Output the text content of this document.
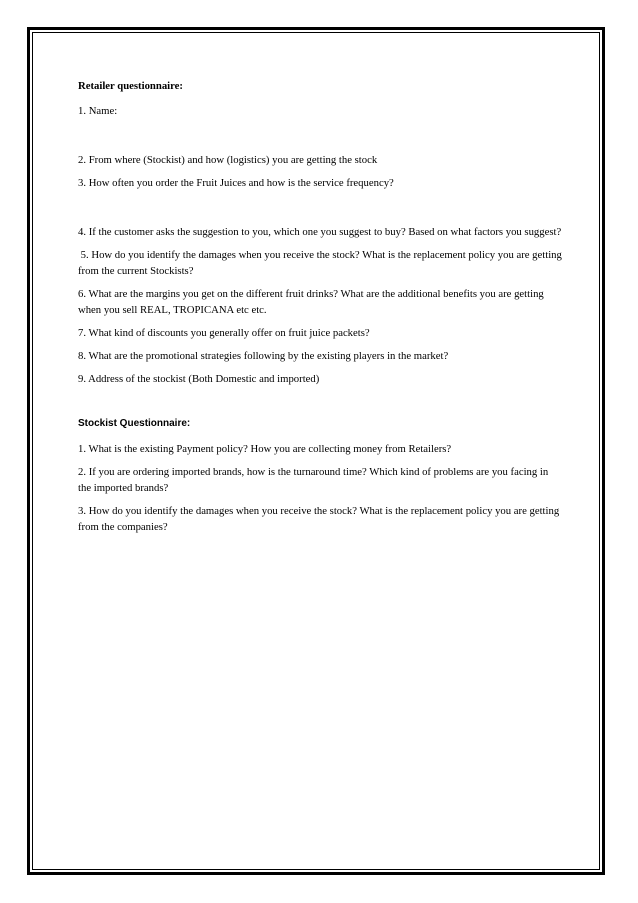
Retailer questionnaire:

1. Name:

2. From where (Stockist) and how (logistics) you are getting the stock

3. How often you order the Fruit Juices and how is the service frequency?

4. If the customer asks the suggestion to you, which one you suggest to buy? Based on what factors you suggest?

5. How do you identify the damages when you receive the stock? What is the replacement policy you are getting from the current Stockists?

6. What are the margins you get on the different fruit drinks? What are the additional benefits you are getting when you sell REAL, TROPICANA etc etc.

7. What kind of discounts you generally offer on fruit juice packets?

8. What are the promotional strategies following by the existing players in the market?

9. Address of the stockist (Both Domestic and imported)

Stockist Questionnaire:

1. What is the existing Payment policy? How you are collecting money from Retailers?

2. If you are ordering imported brands, how is the turnaround time? Which kind of problems are you facing in the imported brands?

3. How do you identify the damages when you receive the stock? What is the replacement policy you are getting from the companies?
